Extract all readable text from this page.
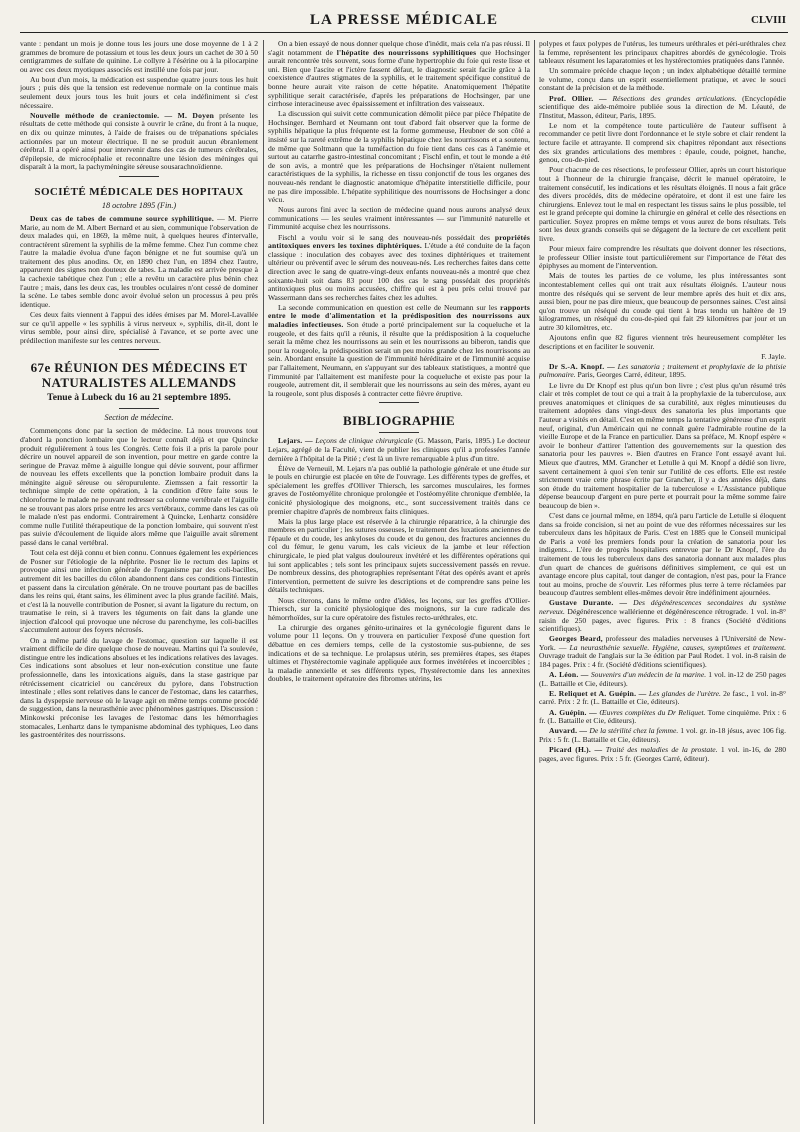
LA PRESSE MÉDICALE	CLVIII

vante : pendant un mois je donne tous les jours une dose moyenne de 1 à 2 grammes de bromure de potassium et tous les deux jours un cachet de 30 à 50 centigrammes de sulfate de quinine. Le collyre à l'ésérine ou à la pilocarpine ou avec ces deux myotiques associés est instillé une fois par jour.

Au bout d'un mois, la médication est suspendue quatre jours tous les huit jours ; puis dès que la tension est redevenue normale on la continue mais seulement deux jours tous les huit jours et cela indéfiniment si c'est nécessaire.

Nouvelle méthode de craniectomie. — M. Doyen présente les résultats de cette méthode qui consiste à ouvrir le crâne, du front à la nuque, en dix ou quinze minutes, à l'aide de fraises ou de trépanations spéciales actionnées par un moteur électrique. Il ne se produit aucun ébranlement cérébral. Il a opéré ainsi pour intervenir dans des cas de tumeurs cérébrales, d'épilepsie, de microcéphalie et reconnaître une lésion des méninges qui disparaît à la mort, la pachyméningite séreuse sousarachnoïdienne.

SOCIÉTÉ MÉDICALE DES HOPITAUX
18 octobre 1895 (Fin.)

Deux cas de tabes de commune source syphilitique. — M. Pierre Marie, au nom de M. Albert Bernard et au sien, communique l'observation de deux malades qui, en 1869, la même nuit, à quelques heures d'intervalle, contractèrent sûrement la syphilis de la même femme. Chez l'un comme chez l'autre la maladie évolua d'une façon bénigne et ne fut soumise qu'à un traitement des plus anodins. Or, en 1890 chez l'un, en 1894 chez l'autre, apparurent des signes non douteux de tabes. La maladie est arrivée presque à la cachexie tabétique chez l'un ; elle a revêtu un caractère plus bénin chez l'autre ; mais, dans les deux cas, les troubles oculaires n'ont cessé de dominer la scène. Le tabes semble donc avoir évolué selon un processus à peu près identique.

Ces deux faits viennent à l'appui des idées émises par M. Morel-Lavallée sur ce qu'il appelle « les syphilis à virus nerveux », syphilis, dit-il, dont le virus semble, pour ainsi dire, spécialisé à l'avance, et se porte avec une prédilection manifeste sur les centres nerveux.

67e RÉUNION DES MÉDECINS ET NATURALISTES ALLEMANDS
Tenue à Lubeck du 16 au 21 septembre 1895.
Section de médecine.

Commençons donc par la section de médecine. Là nous trouvons tout d'abord la ponction lombaire que le lecteur connaît déjà et que Quincke produit régulièrement à tous les Congrès. Cette fois il a pris la parole pour décrire un nouvel appareil de son invention, pour mettre en garde contre la seringue de Pravaz même à aiguille longue qui dévie souvent, pour affirmer de nouveau les effets excellents que la ponction lombaire produit dans la méningite aiguë séreuse ou séropurulente. Ziemssen a fait ressortir la technique simple de cette opération, à la condition d'être faite sous le chloroforme le malade ne pouvant redresser sa colonne vertébrale et l'aiguille ne se trouvant pas alors prise entre les arcs vertébraux, comme dans les cas où le malade n'est pas endormi. Contrairement à Quincke, Lenhartz considère comme nulle l'utilité thérapeutique de la ponction lombaire, qui souvent n'est pas suivie d'écoulement de liquide alors même que l'aiguille avait sûrement passé dans le canal vertébral.

Tout cela est déjà connu et bien connu. Connues également les expériences de Posner sur l'étiologie de la néphrite. Posner lie le rectum des lapins et provoque ainsi une infection générale de l'organisme par des coli-bacilles, autrement dit les bacilles du côlon abandonnent dans ces conditions l'intestin et passent dans la circulation générale. On ne trouve pourtant pas de bacilles dans les reins qui, étant sains, les éliminent avec la plus grande facilité. Mais, et c'est là la nouvelle contribution de Posner, si avant la ligature du rectum, on traumatise le rein, si à travers les téguments on fait dans la glande une injection d'alcool qui provoque une nécrose du parenchyme, les coli-bacilles s'accumulent autour des foyers nécrosés.

On a même parlé du lavage de l'estomac, question sur laquelle il est vraiment difficile de dire quelque chose de nouveau. Martins qui l'a soulevée, distingue entre les indications absolues et les indications relatives des lavages. Ces indications sont absolues et leur non-exécution constitue une faute professionnelle, dans les intoxications aiguës, dans la stase gastrique par rétrécissement cicatriciel ou cancéreux du pylore, dans l'obstruction intestinale ; elles sont relatives dans le cancer de l'estomac, dans les catarrhes, dans la dyspepsie nerveuse où le lavage agit en même temps comme procédé de suggestion, dans la neurasthénie avec phénomènes gastriques. Discussion : Minkowski préconise les lavages de l'estomac dans les hémorrhagies stomacales, Lenhartz dans le tympanisme abdominal des typhiques, Leo dans les gastroentérites des nourrissons.

On a bien essayé de nous donner quelque chose d'inédit, mais cela n'a pas réussi. Il s'agit notamment de l'hépatite des nourrissons syphilitiques que Hochsinger aurait rencontrée très souvent, sous forme d'une hypertrophie du foie qui reste lisse et uni. Bien que l'ascite et l'ictère fassent défaut, le diagnostic serait facile grâce à la coexistence d'autres stigmates de la syphilis, et le traitement spécifique constitué de bonne heure aurait vite raison de cette hépatite. Anatomiquement l'hépatite syphilitique serait caractérisée, d'après les préparations de Hochsinger, par une cirrhose interacineuse avec épaississement et infiltration des vaisseaux.

La discussion qui suivit cette communication démolit pièce par pièce l'hépatite de Hochsinger. Bernhard et Neumann ont tout d'abord fait observer que la forme de syphilis hépatique la plus fréquente est la forme gommeuse, Heubner de son côté a insisté sur la rareté extrême de la syphilis hépatique chez les nourrissons et a soutenu, de même que Soltmann que la tuméfaction du foie tient dans ces cas à l'anémie et surtout au catarrhe gastro-intestinal concomitant ; Fischl enfin, et tout le monde a été de son avis, a montré que les préparations de Hochsinger n'étaient nullement caractéristiques de la syphilis, la richesse en tissu conjonctif de tous les organes des nouveau-nés rendant le diagnostic anatomique d'hépatite interstitielle difficile, pour ne pas dire impossible. L'hépatite syphilitique des nourrissons de Hochsinger a donc vécu.

Nous aurons fini avec la section de médecine quand nous aurons analysé deux communications — les seules vraiment intéressantes — sur l'immunité naturelle et l'immunité acquise chez les nourrissons.

Fischl a voulu voir si le sang des nouveau-nés possédait des propriétés antitoxiques envers les toxines diphtériques. L'étude a été conduite de la façon classique : inoculation des cobayes avec des toxines diphtériques et traitement ultérieur ou préventif avec le sérum des nouveau-nés. Les recherches faites dans cette direction avec le sang de quatre-vingt-deux enfants nouveau-nés a montré que chez soixante-huit soit dans 83 pour 100 des cas le sang possédait des propriétés antitoxiques plus ou moins accusées, chiffre qui est à peu près celui trouvé par Wassermann dans ses recherches faites chez les adultes.

La seconde communication en question est celle de Neumann sur les rapports entre le mode d'alimentation et la prédisposition des nourrissons aux maladies infectieuses. Son étude a porté principalement sur la coqueluche et la rougeole, et des faits qu'il a réunis, il résulte que la prédisposition à la coqueluche serait la même chez les nourrissons au sein et les nourrissons au biberon, tandis que pour la rougeole, la prédisposition serait un peu moins grande chez les nourrissons au sein. Abordant ensuite la question de l'immunité héréditaire et de l'immunité acquise par l'allaitement, Neumann, en s'appuyant sur des tableaux statistiques, a montré que l'immunité par l'allaitement est manifeste pour la coqueluche et existe pas pour la rougeole, autrement dit, il semblerait que les nourrissons au sein des mères, ayant eu la rougeole, sont plus disposés à contracter cette fièvre éruptive.

BIBLIOGRAPHIE

Lejars. — Leçons de clinique chirurgicale (G. Masson, Paris, 1895.) Le docteur Lejars, agrégé de la Faculté, vient de publier les cliniques qu'il a professées l'année dernière à l'hôpital de la Pitié ; c'est là un livre remarquable à plus d'un titre.

Élève de Verneuil, M. Lejars n'a pas oublié la pathologie générale et une étude sur le pouls en chirurgie est placée en tête de l'ouvrage. Les différents types de greffes, et spécialement les greffes d'Olliver Thiersch, les sarcomes musculaires, les formes graves de l'ostéomyélite chronique prolongée et l'ostéomyélite chronique d'emblée, la conicité physiologique des moignons, etc., sont successivement traités dans ce premier chapitre d'après de nombreux faits cliniques.

Mais la plus large place est réservée à la chirurgie réparatrice, à la chirurgie des membres en particulier ; les sutures osseuses, le traitement des luxations anciennes de l'épaule et du coude, les ankyloses du coude et du genou, des fractures anciennes du col du fémur, le genu varum, les cals vicieux de la jambe et leur réfection chirurgicale, le pied plat valgus douloureux invétéré et les différentes opérations qui lui sont applicables ; tels sont les principaux sujets successivement passés en revue. De nombreux dessins, des photographies représentant l'état des opérés avant et après l'intervention, permettent de suivre les descriptions et de comprendre sans peine les détails techniques.

Nous citerons, dans le même ordre d'idées, les leçons, sur les greffes d'Ollier-Thiersch, sur la conicité physiologique des moignons, sur la cure radicale des hémorrhoïdes, sur la cure opératoire des fistules recto-uréthrales, etc.

La chirurgie des organes génito-urinaires et la gynécologie figurent dans le volume pour 11 leçons. On y trouvera en particulier l'exposé d'une question fort débattue en ces derniers temps, celle de la cystostomie sus-pubienne, de ses indications et de sa technique. Le prolapsus utérin, ses premières étapes, ses étapes ultimes et l'hystérectomie vaginale appliquée aux formes invétérées et incoercibles ; la maladie annexielle et ses différents types, l'hystérectomie dans les annexites doubles, le traitement opératoire des fibromes utérins, les

polypes et faux polypes de l'utérus, les tumeurs uréthrales et péri-uréthrales chez la femme, représentent les principaux chapitres abordés de gynécologie. Trois tableaux résument les laparatomies et les hystérectomies pratiquées dans l'année.

Un sommaire précède chaque leçon ; un index alphabétique détaillé termine le volume, conçu dans un esprit essentiellement pratique, et avec le souci constant de la précision et de la méthode.

Prof. Ollier. — Résections des grandes articulations. (Encyclopédie scientifique des aide-mémoire publiée sous la direction de M. Léauté, de l'Institut, Masson, éditeur, Paris, 1895.

Le nom et la compétence toute particulière de l'auteur suffisent à recommander ce petit livre dont l'ordonnance et le style sobre et clair rendent la lecture facile et attrayante. Il comprend six chapitres répondant aux résections des six grandes articulations des membres : épaule, coude, poignet, hanche, genou, cou-de-pied.

Pour chacune de ces résections, le professeur Ollier, après un court historique tout à l'honneur de la chirurgie française, décrit le manuel opératoire, le traitement consécutif, les indications et les résultats éloignés. Il nous a fait grâce des divers procédés, dits de médecine opératoire, et dont il est une faire les chirurgiens. Enlevez tout le mal en respectant les tissus sains le plus possible, tel est le grand précepte qui domine la chirurgie en général et celle des résections en particulier. Soyez propres en même temps et vous aurez de bons résultats. Tels sont les deux grands conseils qui se dégagent de la lecture de cet excellent petit livre.

Pour mieux faire comprendre les résultats que doivent donner les résections, le professeur Ollier insiste tout particulièrement sur l'importance de l'état des épiphyses au moment de l'intervention.

Mais de toutes les parties de ce volume, les plus intéressantes sont incontestablement celles qui ont trait aux résultats éloignés. L'auteur nous montre des réséqués qui se servent de leur membre après des huit et dix ans, aussi bien, pour ne pas dire mieux, que beaucoup de personnes saines. C'est ainsi qu'on trouve un réséqué du coude qui tient à bras tendu un haltère de 19 kilogrammes, un réséqué du cou-de-pied qui fait 29 kilomètres par jour et un autre 30 kilomètres, etc.

Ajoutons enfin que 82 figures viennent très heureusement compléter les descriptions et en faciliter le souvenir.

F. Jayle.

Dr S.-A. Knopf. — Les sanatoria ; traitement et prophylaxie de la phtisie pulmonaire. Paris, Georges Carré, éditeur, 1895.

Le livre du Dr Knopf est plus qu'un bon livre ; c'est plus qu'un résumé très clair et très complet de tout ce qui a trait à la prophylaxie de la tuberculose, aux preuves anatomiques et cliniques de sa curabilité, aux règles minutieuses du traitement adoptées dans vingt-deux des sanatoria les plus importants que l'auteur a visités en détail. C'est en même temps la tentative généreuse d'un esprit neuf, original, d'un Américain qui ne connaît guère l'admirable routine de la vieille Europe et de la France en particulier. Dans sa préface, M. Knopf espère « avoir le bonheur d'attirer l'attention des gouvernements sur la question des sanatoria pour les pauvres ». Bien d'autres en France l'ont essayé avant lui. Mieux que d'autres, MM. Grancher et Letulle à qui M. Knopf a dédié son livre, savent certainement à quoi s'en tenir sur l'utilité de ces efforts. Elle est restée strictement vraie cette phrase écrite par Grancher, il y a des années déjà, dans son étude du traitement hospitalier de la tuberculose « L'Assistance publique dépense beaucoup d'argent en pure perte et pourrait pour la même somme faire beaucoup de bien ».

C'est dans ce journal même, en 1894, qu'à paru l'article de Letulle si éloquent dans sa froide concision, si net au point de vue des réformes nécessaires sur les tuberculeux dans les hôpitaux de Paris. C'est en 1885 que le Conseil municipal de Paris a voté les premiers fonds pour la création de sanatoria pour les indigents... L'ère de progrès hospitaliers entrevue par le Dr Knopf, l'ère du traitement de tous les tuberculeux dans des sanatoria donnant aux malades plus d'un quart de chances de guérisons définitives simplement, ce qui est un avantage encore plus capital, tout danger de contagion, n'est pas, pour la France tout au moins, proche de s'ouvrir. Les réformes plus terre à terre réclamées par beaucoup d'autres semblent elles-mêmes devoir être indéfiniment ajournées.

Gustave Durante. — Des dégénérescences secondaires du système nerveux. Dégénérescence wallérienne et dégénérescence rétrograde. 1 vol. in-8° raisin de 250 pages, avec figures. Prix : 8 francs (Société d'éditions scientifiques).

Georges Beard, professeur des maladies nerveuses à l'Université de New-York. — La neurasthénie sexuelle. Hygiène, causes, symptômes et traitement. Ouvrage traduit de l'anglais sur la 3e édition par Paul Rodet. 1 vol. in-8 raisin de 184 pages. Prix : 4 fr. (Société d'éditions scientifiques).

A. Léon. — Souvenirs d'un médecin de la marine. 1 vol. in-12 de 250 pages (L. Battaille et Cie, éditeurs).

E. Reliquet et A. Guépin. — Les glandes de l'urètre. 2e fasc., 1 vol. in-8° carré. Prix : 2 fr. (L. Battaille et Cie, éditeurs).

A. Guépin. — Œuvres complètes du Dr Reliquet. Tome cinquième. Prix : 6 fr. (L. Battaille et Cie, éditeurs).

Auvard. — De la stérilité chez la femme. 1 vol. gr. in-18 jésus, avec 106 fig. Prix : 5 fr. (L. Battaille et Cie, éditeurs).

Picard (H.). — Traité des maladies de la prostate. 1 vol. in-16, de 280 pages, avec figures. Prix : 5 fr. (Georges Carré, éditeur).
